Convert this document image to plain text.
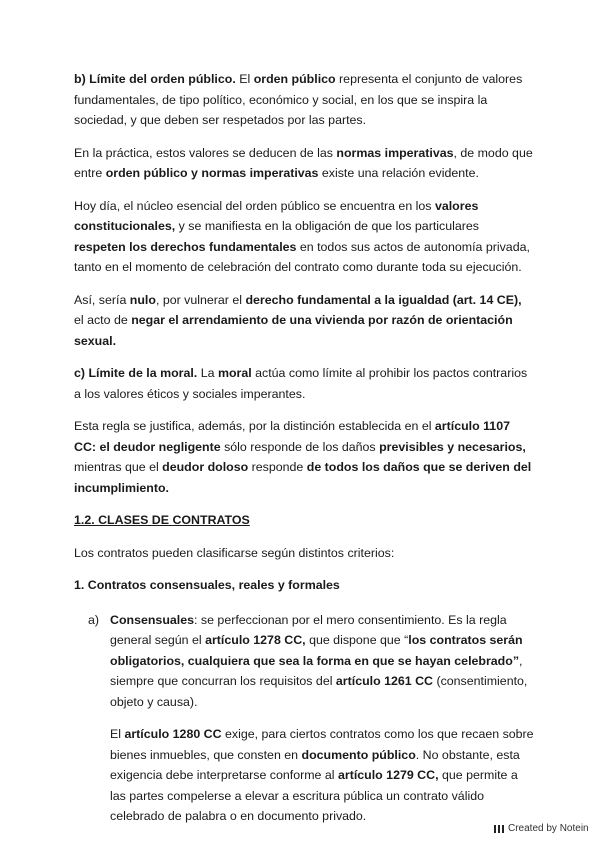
b) Límite del orden público. El orden público representa el conjunto de valores fundamentales, de tipo político, económico y social, en los que se inspira la sociedad, y que deben ser respetados por las partes.

En la práctica, estos valores se deducen de las normas imperativas, de modo que entre orden público y normas imperativas existe una relación evidente.

Hoy día, el núcleo esencial del orden público se encuentra en los valores constitucionales, y se manifiesta en la obligación de que los particulares respeten los derechos fundamentales en todos sus actos de autonomía privada, tanto en el momento de celebración del contrato como durante toda su ejecución.

Así, sería nulo, por vulnerar el derecho fundamental a la igualdad (art. 14 CE), el acto de negar el arrendamiento de una vivienda por razón de orientación sexual.

c) Límite de la moral. La moral actúa como límite al prohibir los pactos contrarios a los valores éticos y sociales imperantes.

Esta regla se justifica, además, por la distinción establecida en el artículo 1107 CC: el deudor negligente sólo responde de los daños previsibles y necesarios, mientras que el deudor doloso responde de todos los daños que se deriven del incumplimiento.

1.2. CLASES DE CONTRATOS

Los contratos pueden clasificarse según distintos criterios:

1. Contratos consensuales, reales y formales

a) Consensuales: se perfeccionan por el mero consentimiento. Es la regla general según el artículo 1278 CC, que dispone que “los contratos serán obligatorios, cualquiera que sea la forma en que se hayan celebrado”, siempre que concurran los requisitos del artículo 1261 CC (consentimiento, objeto y causa).

El artículo 1280 CC exige, para ciertos contratos como los que recaen sobre bienes inmuebles, que consten en documento público. No obstante, esta exigencia debe interpretarse conforme al artículo 1279 CC, que permite a las partes compelerse a elevar a escritura pública un contrato válido celebrado de palabra o en documento privado.

Created by Notein
